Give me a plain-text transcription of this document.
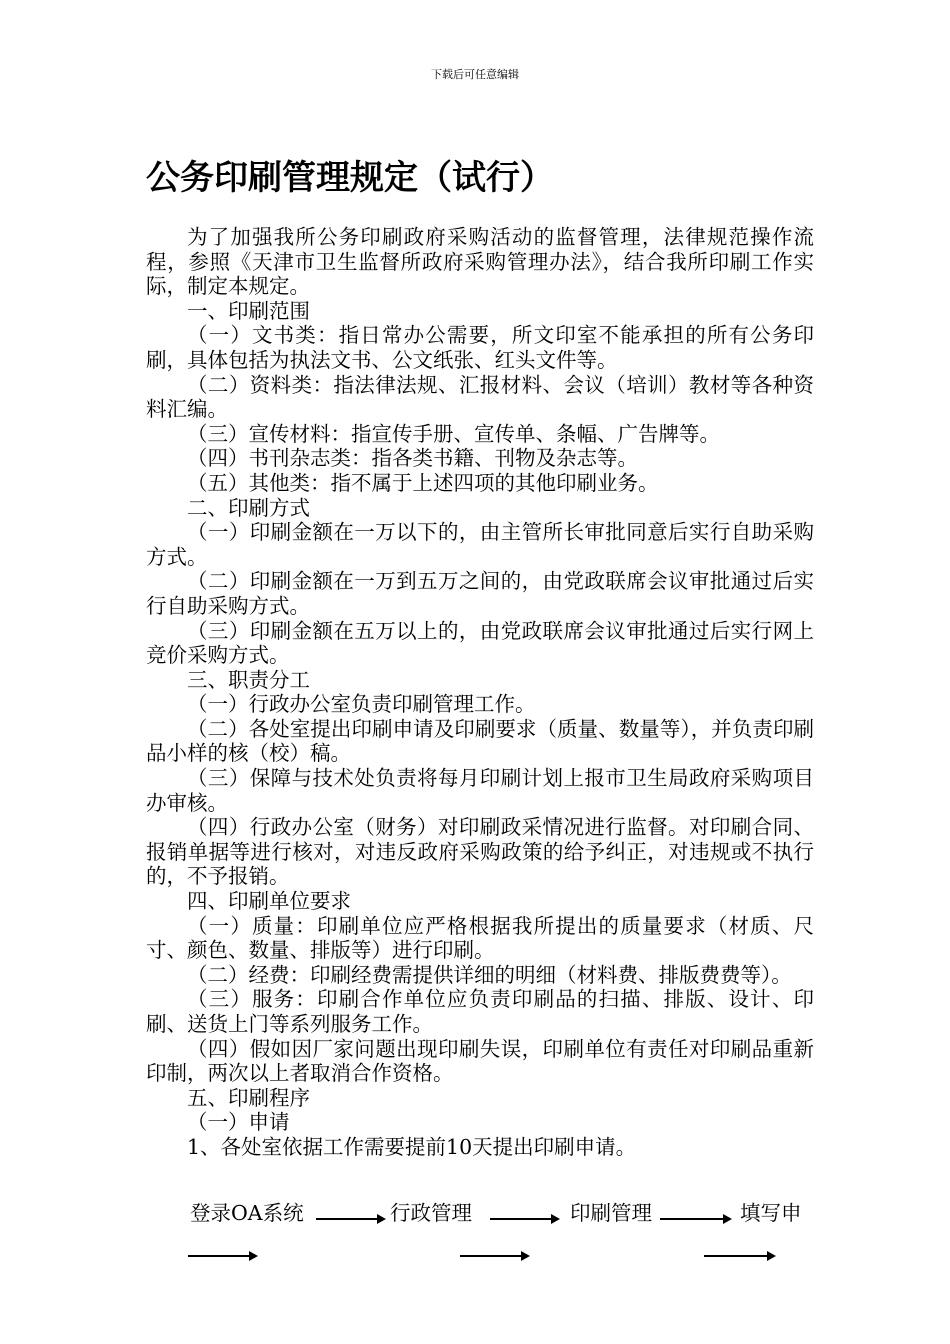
下载后可任意编辑
公务印刷管理规定（试行）

为了加强我所公务印刷政府采购活动的监督管理，法律规范操作流程，参照《天津市卫生监督所政府采购管理办法》，结合我所印刷工作实际，制定本规定。

一、印刷范围

（一）文书类：指日常办公需要，所文印室不能承担的所有公务印刷，具体包括为执法文书、公文纸张、红头文件等。

（二）资料类：指法律法规、汇报材料、会议（培训）教材等各种资料汇编。

（三）宣传材料：指宣传手册、宣传单、条幅、广告牌等。

（四）书刊杂志类：指各类书籍、刊物及杂志等。

（五）其他类：指不属于上述四项的其他印刷业务。

二、印刷方式

（一）印刷金额在一万以下的，由主管所长审批同意后实行自助采购方式。

（二）印刷金额在一万到五万之间的，由党政联席会议审批通过后实行自助采购方式。

（三）印刷金额在五万以上的，由党政联席会议审批通过后实行网上竞价采购方式。

三、职责分工

（一）行政办公室负责印刷管理工作。

（二）各处室提出印刷申请及印刷要求（质量、数量等），并负责印刷品小样的核（校）稿。

（三）保障与技术处负责将每月印刷计划上报市卫生局政府采购项目办审核。

（四）行政办公室（财务）对印刷政采情况进行监督。对印刷合同、报销单据等进行核对，对违反政府采购政策的给予纠正，对违规或不执行的，不予报销。

四、印刷单位要求

（一）质量：印刷单位应严格根据我所提出的质量要求（材质、尺寸、颜色、数量、排版等）进行印刷。

（二）经费：印刷经费需提供详细的明细（材料费、排版费费等）。

（三）服务：印刷合作单位应负责印刷品的扫描、排版、设计、印刷、送货上门等系列服务工作。

（四）假如因厂家问题出现印刷失误，印刷单位有责任对印刷品重新印制，两次以上者取消合作资格。

五、印刷程序

（一）申请

1、各处室依据工作需要提前10天提出印刷申请。

登录OA系统	行政管理	印刷管理	填写申
